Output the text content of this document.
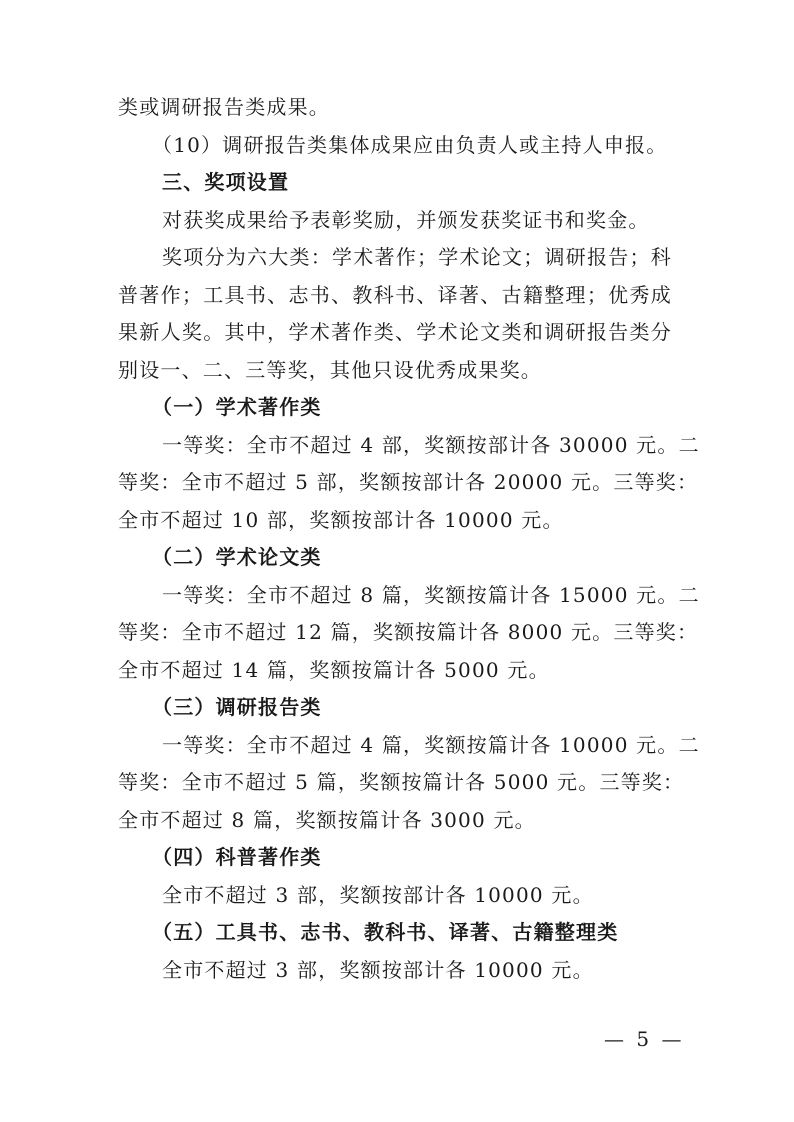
类或调研报告类成果。
（10）调研报告类集体成果应由负责人或主持人申报。
三、奖项设置
对获奖成果给予表彰奖励，并颁发获奖证书和奖金。
奖项分为六大类：学术著作；学术论文；调研报告；科
普著作；工具书、志书、教科书、译著、古籍整理；优秀成
果新人奖。其中，学术著作类、学术论文类和调研报告类分
别设一、二、三等奖，其他只设优秀成果奖。
（一）学术著作类
一等奖：全市不超过 4 部，奖额按部计各 30000 元。二
等奖：全市不超过 5 部，奖额按部计各 20000 元。三等奖：
全市不超过 10 部，奖额按部计各 10000 元。
（二）学术论文类
一等奖：全市不超过 8 篇，奖额按篇计各 15000 元。二
等奖：全市不超过 12 篇，奖额按篇计各 8000 元。三等奖：
全市不超过 14 篇，奖额按篇计各 5000 元。
（三）调研报告类
一等奖：全市不超过 4 篇，奖额按篇计各 10000 元。二
等奖：全市不超过 5 篇，奖额按篇计各 5000 元。三等奖：
全市不超过 8 篇，奖额按篇计各 3000 元。
（四）科普著作类
全市不超过 3 部，奖额按部计各 10000 元。
（五）工具书、志书、教科书、译著、古籍整理类
全市不超过 3 部，奖额按部计各 10000 元。
— 5 —
